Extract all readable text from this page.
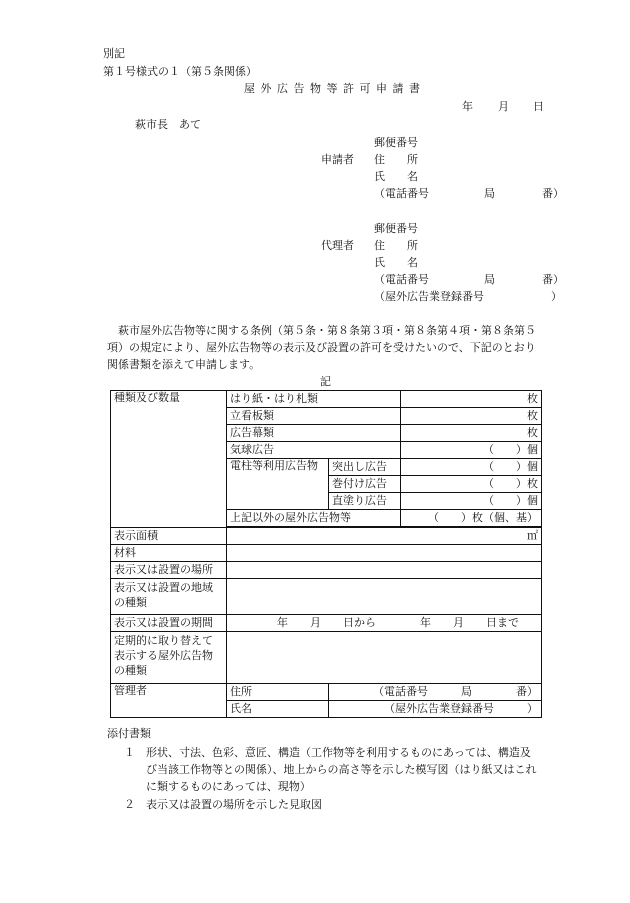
別記
第１号様式の１（第５条関係）
屋 外 広 告 物 等 許 可 申 請 書
年 月 日
萩市長　あて
郵便番号
申請者 住　　所
氏　　名
（電話番号	局	番）
郵便番号
代理者 住　　所
氏　　名
（電話番号	局	番）
（屋外広告業登録番号	）
　萩市屋外広告物等に関する条例（第５条・第８条第３項・第８条第４項・第８条第５項）の規定により、屋外広告物等の表示及び設置の許可を受けたいので、下記のとおり関係書類を添えて申請します。
記
種類及び数量	はり紙・はり札類		枚
	立看板類		枚
	広告幕類		枚
	気球広告		（　　）個
	電柱等利用広告物	突出し広告	（　　）個
		巻付け広告	（　　）枚
		直塗り広告	（　　）個
	上記以外の屋外広告物等		（　　）枚（個、基）

表示面積	㎡		
材料			
表示又は設置の場所			
表示又は設置の地域の種類			
表示又は設置の期間	年　　月　　日から　　　　年　　月　　日まで		
定期的に取り替えて表示する屋外広告物の種類			
管理者	住所	（電話番号　　　局　　　　番）	
	氏名	（屋外広告業登録番号　　　）	
添付書類
１ 形状、寸法、色彩、意匠、構造（工作物等を利用するものにあっては、構造及び当該工作物等との関係）、地上からの高さ等を示した模写図（はり紙又はこれに類するものにあっては、現物）
２ 表示又は設置の場所を示した見取図
